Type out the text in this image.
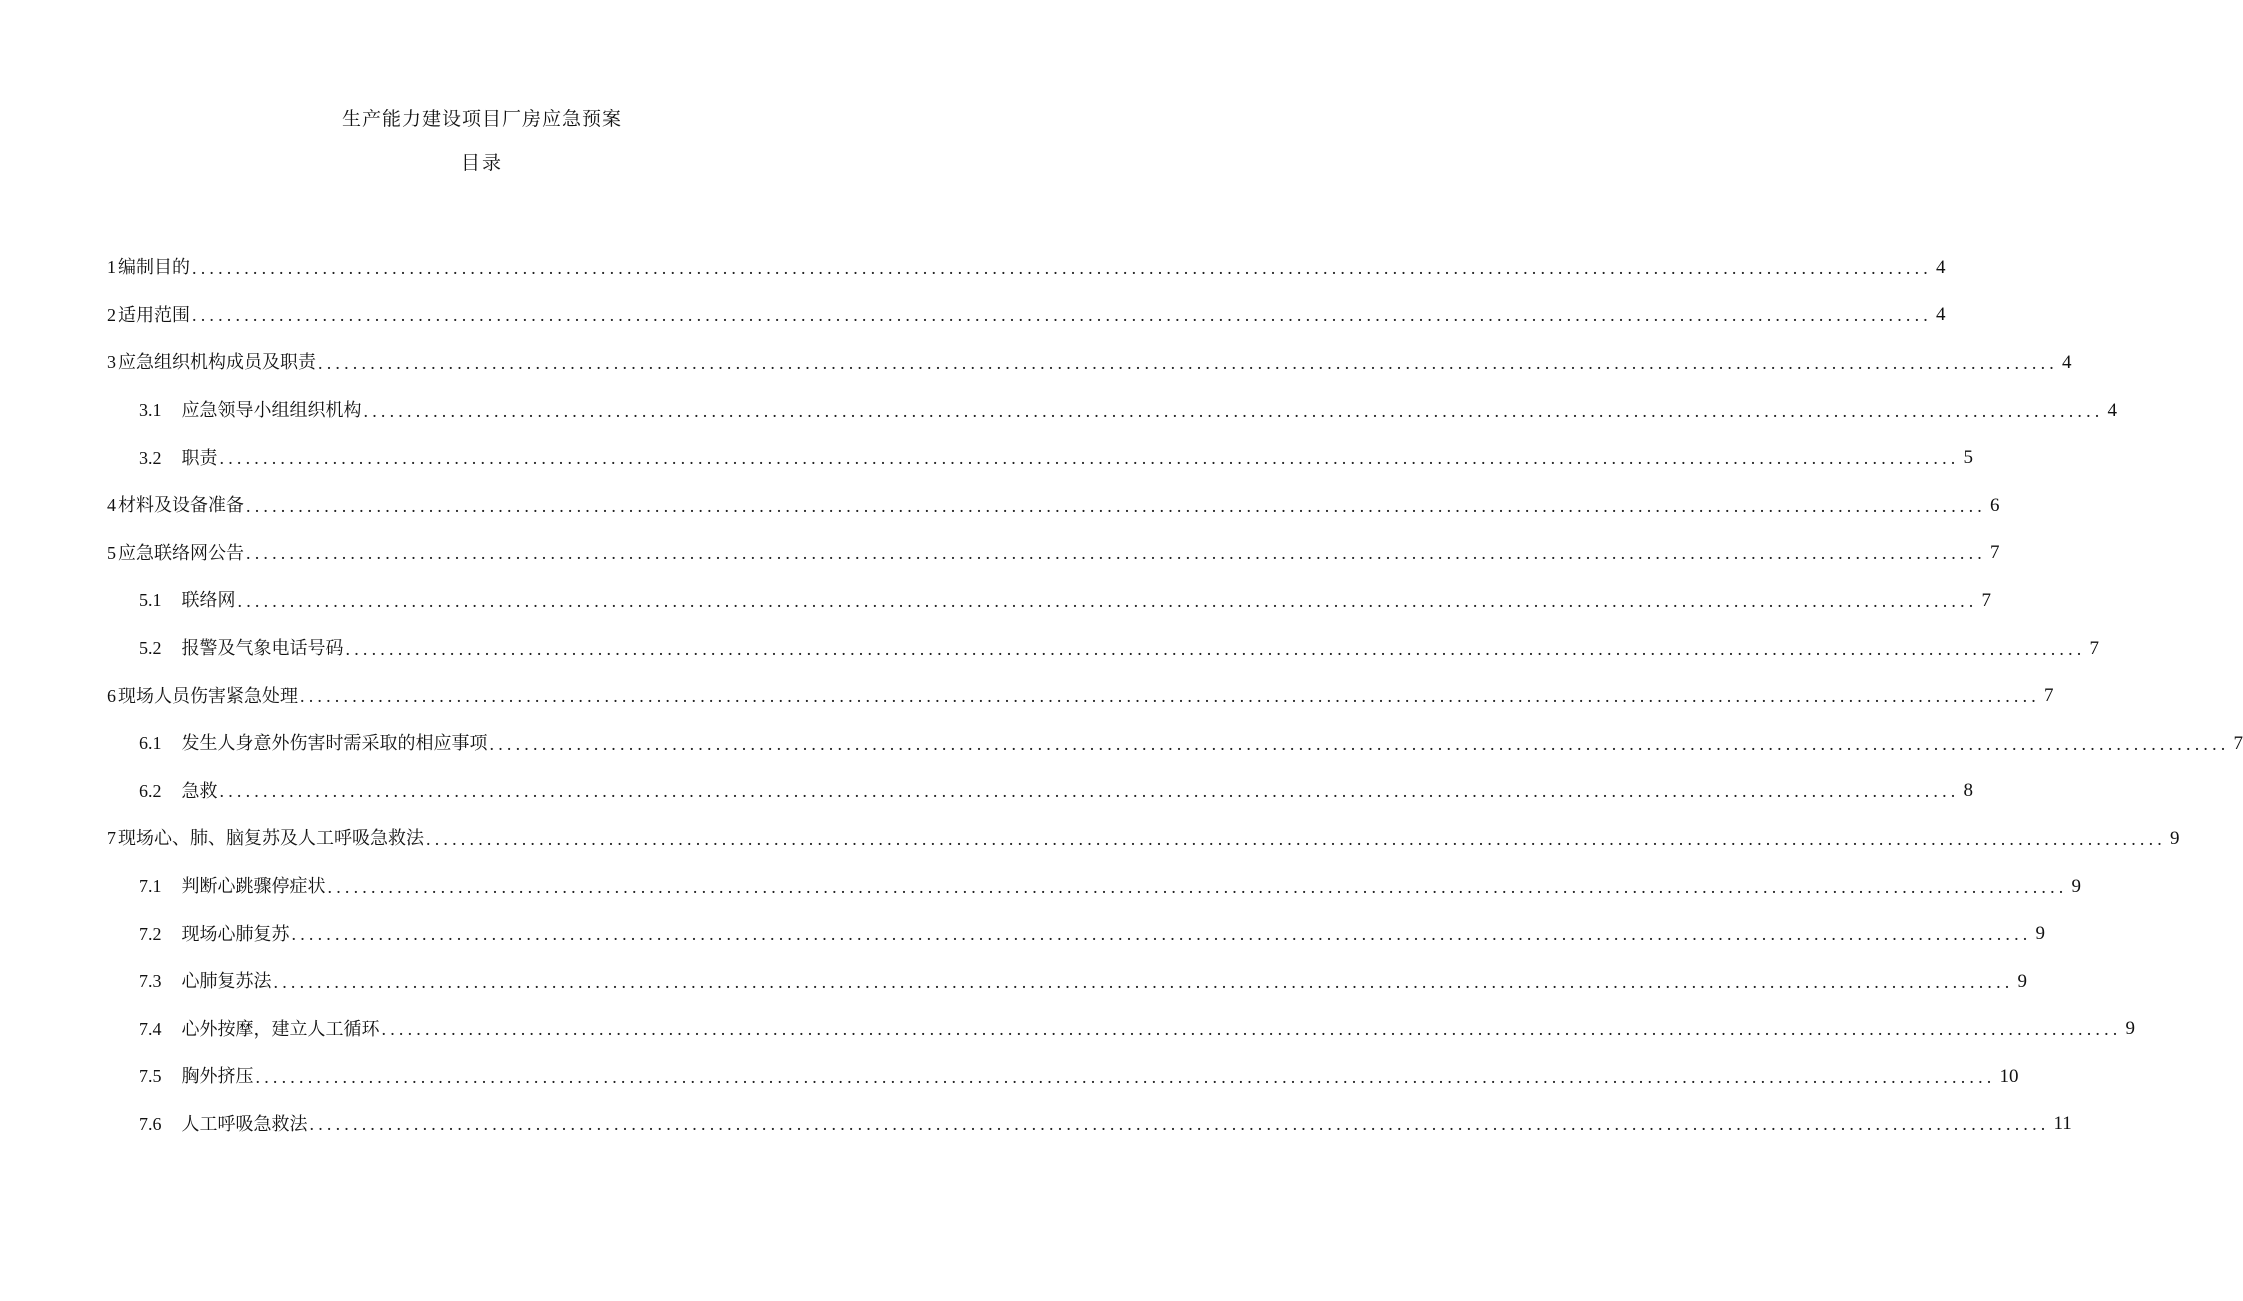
生产能力建设项目厂房应急预案
目录
1 编制目的 ........................................................................................................................................................................................................ 4
2 适用范围 ........................................................................................................................................................................................................ 4
3 应急组织机构成员及职责 ........................................................................................................................................................................................................ 4
3.1 应急领导小组组织机构 ........................................................................................................................................................................................................ 4
3.2 职责 ........................................................................................................................................................................................................ 5
4 材料及设备准备 ........................................................................................................................................................................................................ 6
5 应急联络网公告 ........................................................................................................................................................................................................ 7
5.1 联络网 ........................................................................................................................................................................................................ 7
5.2 报警及气象电话号码 ........................................................................................................................................................................................................ 7
6 现场人员伤害紧急处理 ........................................................................................................................................................................................................ 7
6.1 发生人身意外伤害时需采取的相应事项 ........................................................................................................................................................................................................ 7
6.2 急救 ........................................................................................................................................................................................................ 8
7 现场心、肺、脑复苏及人工呼吸急救法 ........................................................................................................................................................................................................ 9
7.1 判断心跳骤停症状 ........................................................................................................................................................................................................ 9
7.2 现场心肺复苏 ........................................................................................................................................................................................................ 9
7.3 心肺复苏法 ........................................................................................................................................................................................................ 9
7.4 心外按摩，建立人工循环 ........................................................................................................................................................................................................ 9
7.5 胸外挤压 ........................................................................................................................................................................................................ 10
7.6 人工呼吸急救法 ........................................................................................................................................................................................................ 11
